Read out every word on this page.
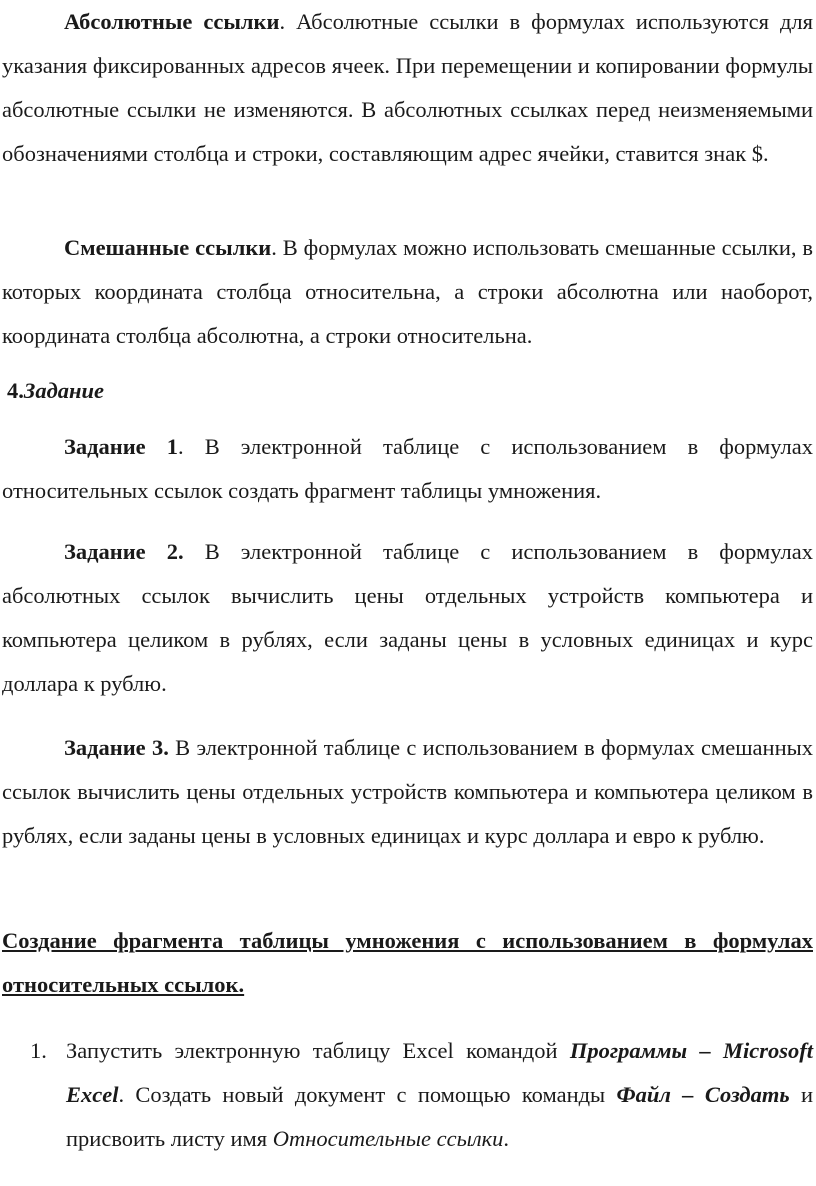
Абсолютные ссылки. Абсолютные ссылки в формулах используются для указания фиксированных адресов ячеек. При перемещении и копировании формулы абсолютные ссылки не изменяются. В абсолютных ссылках перед неизменяемыми обозначениями столбца и строки, составляющим адрес ячейки, ставится знак $.

Смешанные ссылки. В формулах можно использовать смешанные ссылки, в которых координата столбца относительна, а строки абсолютна или наоборот, координата столбца абсолютна, а строки относительна.

4.Задание

Задание 1. В электронной таблице с использованием в формулах относительных ссылок создать фрагмент таблицы умножения.

Задание 2. В электронной таблице с использованием в формулах абсолютных ссылок вычислить цены отдельных устройств компьютера и компьютера целиком в рублях, если заданы цены в условных единицах и курс доллара к рублю.

Задание 3. В электронной таблице с использованием в формулах смешанных ссылок вычислить цены отдельных устройств компьютера и компьютера целиком в рублях, если заданы цены в условных единицах и курс доллара и евро к рублю.

Создание фрагмента таблицы умножения с использованием в формулах относительных ссылок.

1. Запустить электронную таблицу Excel командой Программы – Microsoft Excel. Создать новый документ с помощью команды Файл – Создать и присвоить листу имя Относительные ссылки.
